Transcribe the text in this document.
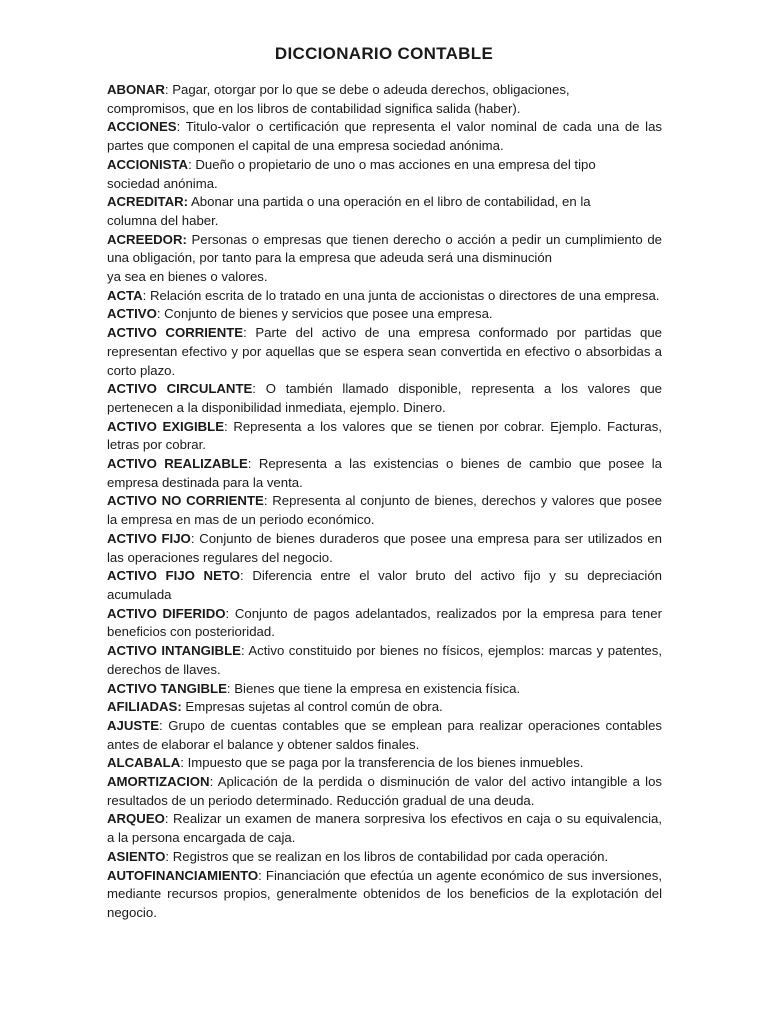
DICCIONARIO CONTABLE

ABONAR: Pagar, otorgar por lo que se debe o adeuda derechos, obligaciones,
compromisos, que en los libros de contabilidad significa salida (haber).

ACCIONES: Titulo-valor o certificación que representa el valor nominal de cada una de las partes que componen el capital de una empresa sociedad anónima.

ACCIONISTA: Dueño o propietario de uno o mas acciones en una empresa del tipo
sociedad anónima.

ACREDITAR: Abonar una partida o una operación en el libro de contabilidad, en la
columna del haber.

ACREEDOR: Personas o empresas que tienen derecho o acción a pedir un cumplimiento de una obligación, por tanto para la empresa que adeuda será una disminución
ya sea en bienes o valores.

ACTA: Relación escrita de lo tratado en una junta de accionistas o directores de una empresa.

ACTIVO: Conjunto de bienes y servicios que posee una empresa.

ACTIVO CORRIENTE: Parte del activo de una empresa conformado por partidas que representan efectivo y por aquellas que se espera sean convertida en efectivo o absorbidas a corto plazo.

ACTIVO CIRCULANTE: O también llamado disponible, representa a los valores que pertenecen a la disponibilidad inmediata, ejemplo. Dinero.

ACTIVO EXIGIBLE: Representa a los valores que se tienen por cobrar. Ejemplo. Facturas, letras por cobrar.

ACTIVO REALIZABLE: Representa a las existencias o bienes de cambio que posee la empresa destinada para la venta.

ACTIVO NO CORRIENTE: Representa al conjunto de bienes, derechos y valores que posee la empresa en mas de un periodo económico.

ACTIVO FIJO: Conjunto de bienes duraderos que posee una empresa para ser utilizados en las operaciones regulares del negocio.

ACTIVO FIJO NETO: Diferencia entre el valor bruto del activo fijo y su depreciación acumulada

ACTIVO DIFERIDO: Conjunto de pagos adelantados, realizados por la empresa para tener beneficios con posterioridad.

ACTIVO INTANGIBLE: Activo constituido por bienes no físicos, ejemplos: marcas y patentes, derechos de llaves.

ACTIVO TANGIBLE: Bienes que tiene la empresa en existencia física.

AFILIADAS: Empresas sujetas al control común de obra.

AJUSTE: Grupo de cuentas contables que se emplean para realizar operaciones contables antes de elaborar el balance y obtener saldos finales.

ALCABALA: Impuesto que se paga por la transferencia de los bienes inmuebles.

AMORTIZACION: Aplicación de la perdida o disminución de valor del activo intangible a los resultados de un periodo determinado. Reducción gradual de una deuda.

ARQUEO: Realizar un examen de manera sorpresiva los efectivos en caja o su equivalencia, a la persona encargada de caja.

ASIENTO: Registros que se realizan en los libros de contabilidad por cada operación.

AUTOFINANCIAMIENTO: Financiación que efectúa un agente económico de sus inversiones, mediante recursos propios, generalmente obtenidos de los beneficios de la explotación del negocio.
